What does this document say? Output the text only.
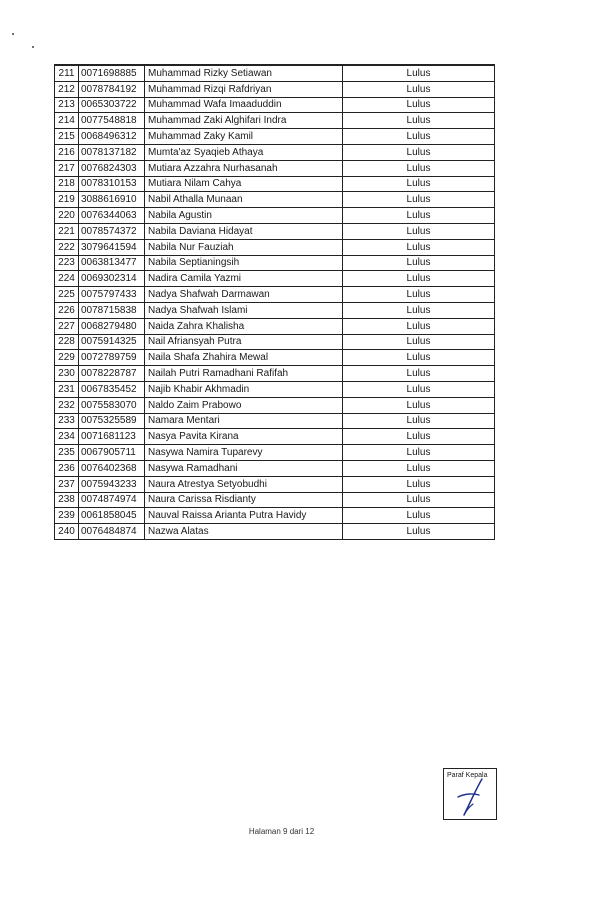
211	0071698885	Muhammad Rizky Setiawan	Lulus
212	0078784192	Muhammad Rizqi Rafdriyan	Lulus
213	0065303722	Muhammad Wafa Imaaduddin	Lulus
214	0077548818	Muhammad Zaki Alghifari Indra	Lulus
215	0068496312	Muhammad Zaky Kamil	Lulus
216	0078137182	Mumta'az Syaqieb Athaya	Lulus
217	0076824303	Mutiara Azzahra Nurhasanah	Lulus
218	0078310153	Mutiara Nilam Cahya	Lulus
219	3088616910	Nabil Athalla Munaan	Lulus
220	0076344063	Nabila Agustin	Lulus
221	0078574372	Nabila Daviana Hidayat	Lulus
222	3079641594	Nabila Nur Fauziah	Lulus
223	0063813477	Nabila Septianingsih	Lulus
224	0069302314	Nadira Camila Yazmi	Lulus
225	0075797433	Nadya Shafwah Darmawan	Lulus
226	0078715838	Nadya Shafwah Islami	Lulus
227	0068279480	Naida Zahra Khalisha	Lulus
228	0075914325	Nail Afriansyah Putra	Lulus
229	0072789759	Naila Shafa Zhahira Mewal	Lulus
230	0078228787	Nailah Putri Ramadhani Rafifah	Lulus
231	0067835452	Najib Khabir Akhmadin	Lulus
232	0075583070	Naldo Zaim Prabowo	Lulus
233	0075325589	Namara Mentari	Lulus
234	0071681123	Nasya Pavita Kirana	Lulus
235	0067905711	Nasywa Namira Tuparevy	Lulus
236	0076402368	Nasywa Ramadhani	Lulus
237	0075943233	Naura Atrestya Setyobudhi	Lulus
238	0074874974	Naura Carissa Risdianty	Lulus
239	0061858045	Nauval Raissa Arianta Putra Havidy	Lulus
240	0076484874	Nazwa Alatas	Lulus
Paraf Kepala
Halaman 9 dari 12
